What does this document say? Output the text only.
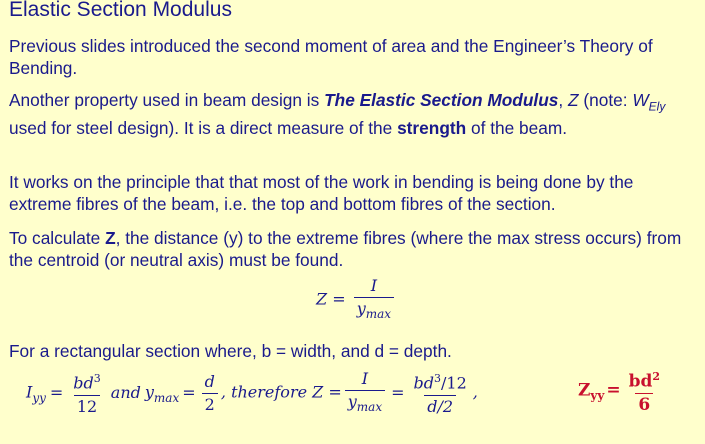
Elastic Section Modulus
Previous slides introduced the second moment of area and the Engineer’s Theory of Bending.
Another property used in beam design is The Elastic Section Modulus, Z (note: $W_{Ely}$ used for steel design). It is a direct measure of the strength of the beam.
It works on the principle that that most of the work in bending is being done by the extreme fibres of the beam, i.e. the top and bottom fibres of the section.
To calculate Z, the distance (y) to the extreme fibres (where the max stress occurs) from the centroid (or neutral axis) must be found.
$Z = \frac{I}{y_{max}}$
For a rectangular section where, b = width, and d = depth.
$I_{yy} = \frac{bd^3}{12}$ and $y_{max} = \frac{d}{2}$ , therefore $Z = \frac{I}{y_{max}} = \frac{bd^3/12}{d/2}$ ,	$Z_{yy} = \frac{bd^2}{6}$
